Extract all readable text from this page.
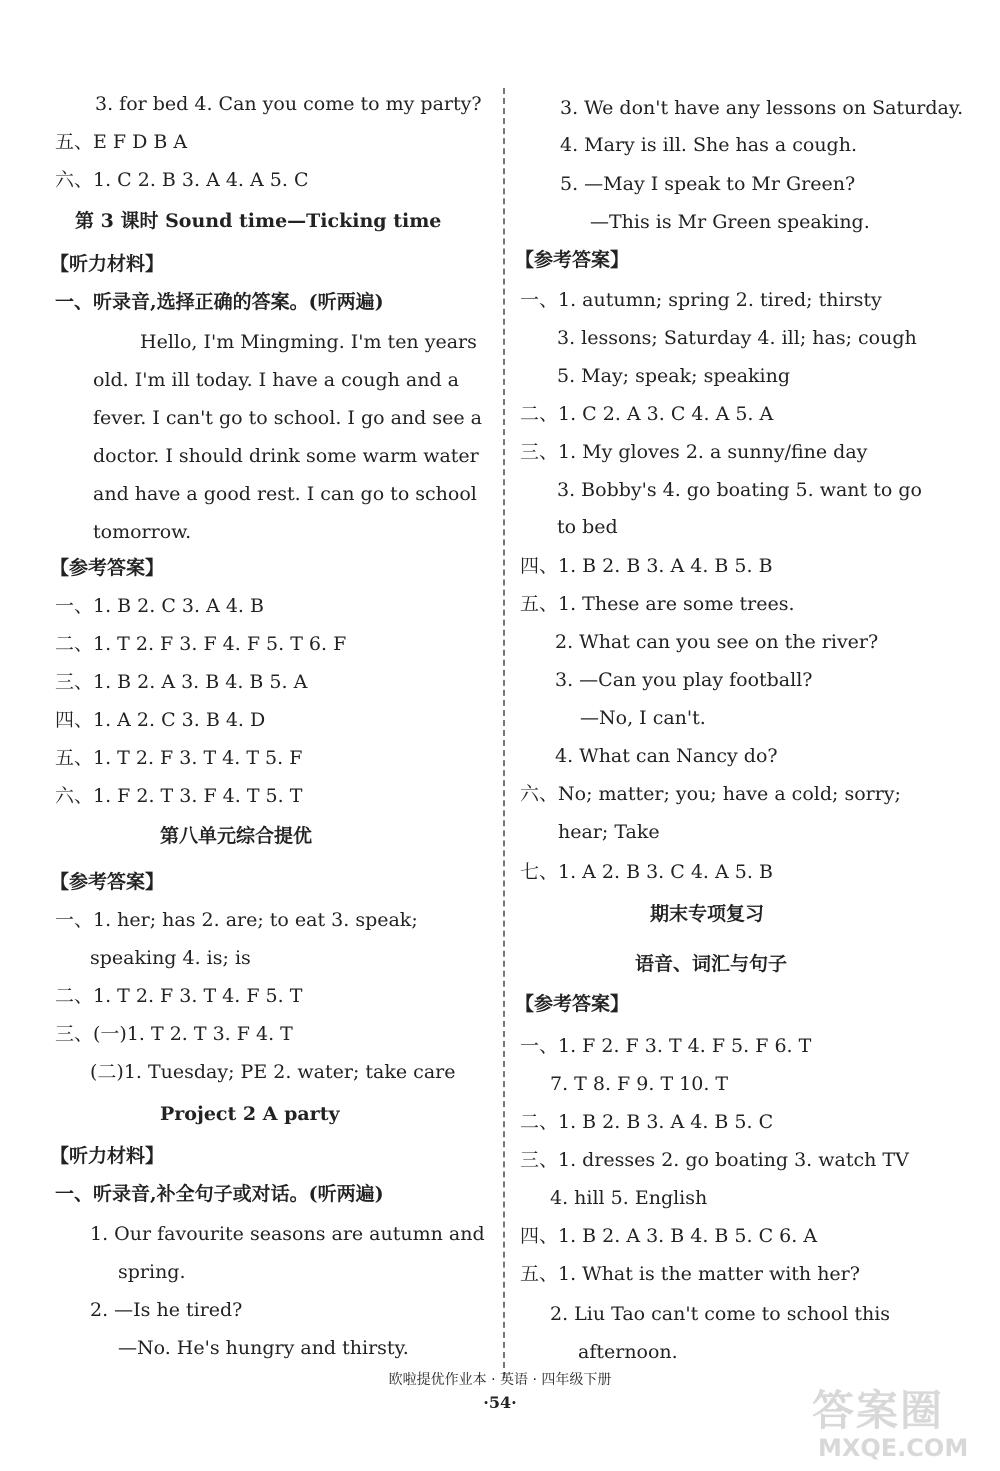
3. for bed 4. Can you come to my party?
五、E F D B A
六、1. C 2. B 3. A 4. A 5. C
第 3 课时 Sound time—Ticking time
【听力材料】
一、听录音,选择正确的答案。(听两遍)
Hello, I'm Mingming. I'm ten years
old. I'm ill today. I have a cough and a
fever. I can't go to school. I go and see a
doctor. I should drink some warm water
and have a good rest. I can go to school
tomorrow.
【参考答案】
一、1. B 2. C 3. A 4. B
二、1. T 2. F 3. F 4. F 5. T 6. F
三、1. B 2. A 3. B 4. B 5. A
四、1. A 2. C 3. B 4. D
五、1. T 2. F 3. T 4. T 5. F
六、1. F 2. T 3. F 4. T 5. T
第八单元综合提优
【参考答案】
一、1. her; has 2. are; to eat 3. speak;
speaking 4. is; is
二、1. T 2. F 3. T 4. F 5. T
三、(一)1. T 2. T 3. F 4. T
(二)1. Tuesday; PE 2. water; take care
Project 2 A party
【听力材料】
一、听录音,补全句子或对话。(听两遍)
1. Our favourite seasons are autumn and
spring.
2. —Is he tired?
—No. He's hungry and thirsty.
3. We don't have any lessons on Saturday.
4. Mary is ill. She has a cough.
5. —May I speak to Mr Green?
—This is Mr Green speaking.
【参考答案】
一、1. autumn; spring 2. tired; thirsty
3. lessons; Saturday 4. ill; has; cough
5. May; speak; speaking
二、1. C 2. A 3. C 4. A 5. A
三、1. My gloves 2. a sunny/fine day
3. Bobby's 4. go boating 5. want to go
to bed
四、1. B 2. B 3. A 4. B 5. B
五、1. These are some trees.
2. What can you see on the river?
3. —Can you play football?
—No, I can't.
4. What can Nancy do?
六、No; matter; you; have a cold; sorry;
hear; Take
七、1. A 2. B 3. C 4. A 5. B
期末专项复习
语音、词汇与句子
【参考答案】
一、1. F 2. F 3. T 4. F 5. F 6. T
7. T 8. F 9. T 10. T
二、1. B 2. B 3. A 4. B 5. C
三、1. dresses 2. go boating 3. watch TV
4. hill 5. English
四、1. B 2. A 3. B 4. B 5. C 6. A
五、1. What is the matter with her?
2. Liu Tao can't come to school this
afternoon.
欧啦提优作业本 · 英语 · 四年级下册
·54·	答案圈
MXQE.COM
